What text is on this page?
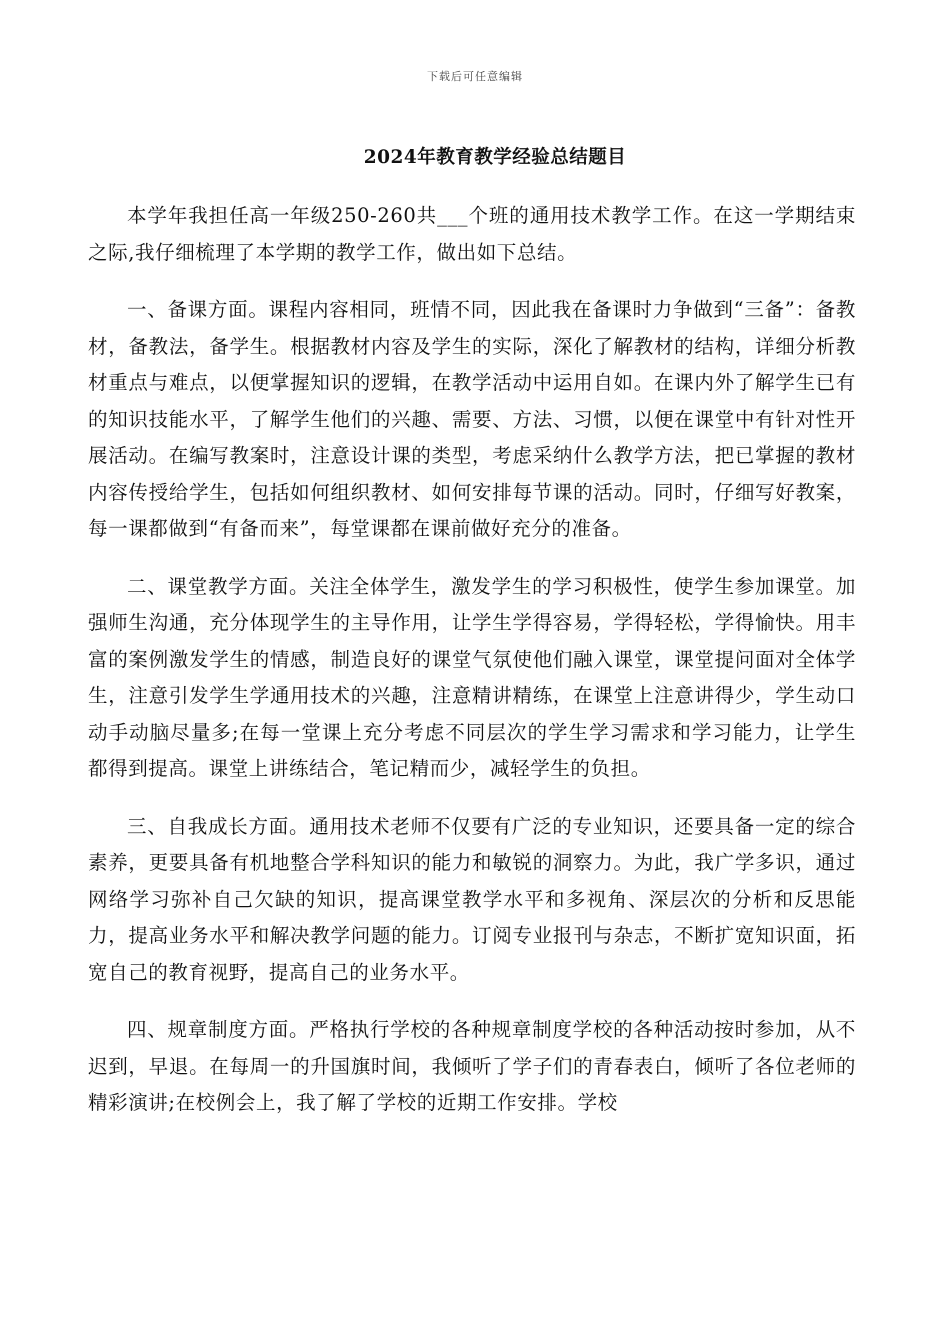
下载后可任意编辑
2024年教育教学经验总结题目

本学年我担任高一年级250-260共___个班的通用技术教学工作。在这一学期结束之际,我仔细梳理了本学期的教学工作，做出如下总结。

一、备课方面。课程内容相同，班情不同，因此我在备课时力争做到“三备”：备教材，备教法，备学生。根据教材内容及学生的实际，深化了解教材的结构，详细分析教材重点与难点，以便掌握知识的逻辑，在教学活动中运用自如。在课内外了解学生已有的知识技能水平，了解学生他们的兴趣、需要、方法、习惯，以便在课堂中有针对性开展活动。在编写教案时，注意设计课的类型，考虑采纳什么教学方法，把已掌握的教材内容传授给学生，包括如何组织教材、如何安排每节课的活动。同时，仔细写好教案，每一课都做到“有备而来”，每堂课都在课前做好充分的准备。

二、课堂教学方面。关注全体学生，激发学生的学习积极性，使学生参加课堂。加强师生沟通，充分体现学生的主导作用，让学生学得容易，学得轻松，学得愉快。用丰富的案例激发学生的情感，制造良好的课堂气氛使他们融入课堂，课堂提问面对全体学生，注意引发学生学通用技术的兴趣，注意精讲精练，在课堂上注意讲得少，学生动口动手动脑尽量多;在每一堂课上充分考虑不同层次的学生学习需求和学习能力，让学生都得到提高。课堂上讲练结合，笔记精而少，减轻学生的负担。

三、自我成长方面。通用技术老师不仅要有广泛的专业知识，还要具备一定的综合素养，更要具备有机地整合学科知识的能力和敏锐的洞察力。为此，我广学多识，通过网络学习弥补自己欠缺的知识，提高课堂教学水平和多视角、深层次的分析和反思能力，提高业务水平和解决教学问题的能力。订阅专业报刊与杂志，不断扩宽知识面，拓宽自己的教育视野，提高自己的业务水平。

四、规章制度方面。严格执行学校的各种规章制度学校的各种活动按时参加，从不迟到，早退。在每周一的升国旗时间，我倾听了学子们的青春表白，倾听了各位老师的精彩演讲;在校例会上，我了解了学校的近期工作安排。学校
